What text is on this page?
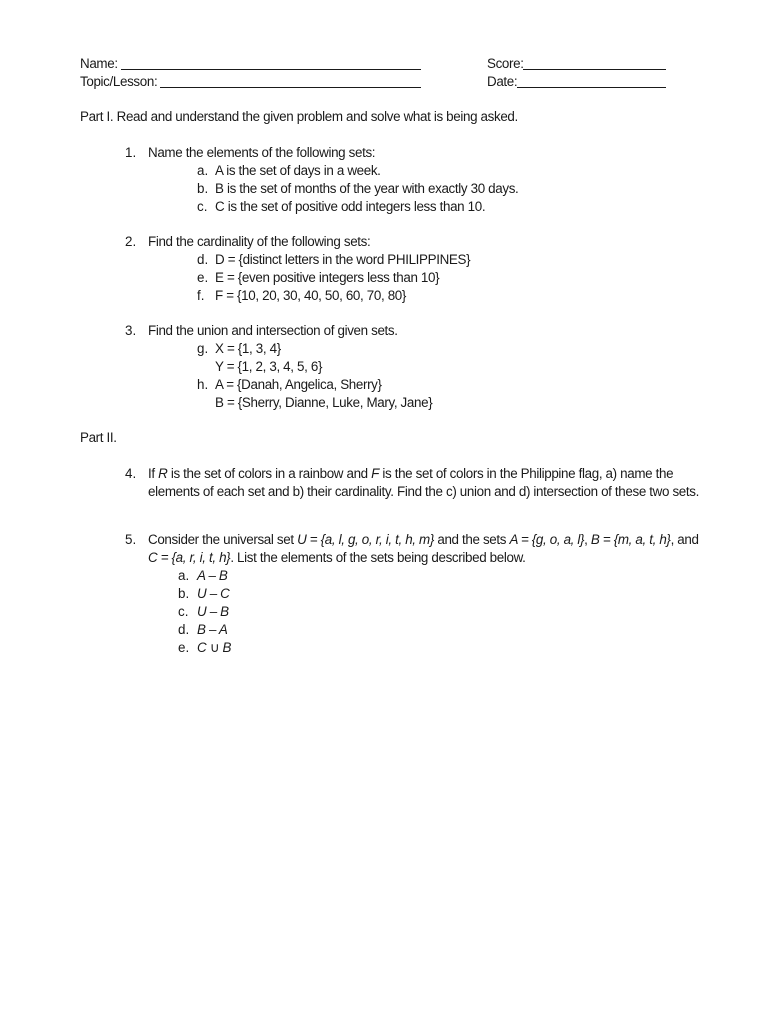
Name:	Score:
Topic/Lesson:	Date:
Part I. Read and understand the given problem and solve what is being asked.
1. Name the elements of the following sets:
a. A is the set of days in a week.
b. B is the set of months of the year with exactly 30 days.
c. C is the set of positive odd integers less than 10.
2. Find the cardinality of the following sets:
d. D = {distinct letters in the word PHILIPPINES}
e. E = {even positive integers less than 10}
f. F = {10, 20, 30, 40, 50, 60, 70, 80}
3. Find the union and intersection of given sets.
g. X = {1, 3, 4}
Y = {1, 2, 3, 4, 5, 6}
h. A = {Danah, Angelica, Sherry}
B = {Sherry, Dianne, Luke, Mary, Jane}
Part II.
4. If R is the set of colors in a rainbow and F is the set of colors in the Philippine flag, a) name the
elements of each set and b) their cardinality. Find the c) union and d) intersection of these two sets.
5. Consider the universal set U = {a, l, g, o, r, i, t, h, m} and the sets A = {g, o, a, l}, B = {m, a, t, h}, and
C = {a, r, i, t, h}. List the elements of the sets being described below.
a. A – B
b. U – C
c. U – B
d. B – A
e. C ∪ B
